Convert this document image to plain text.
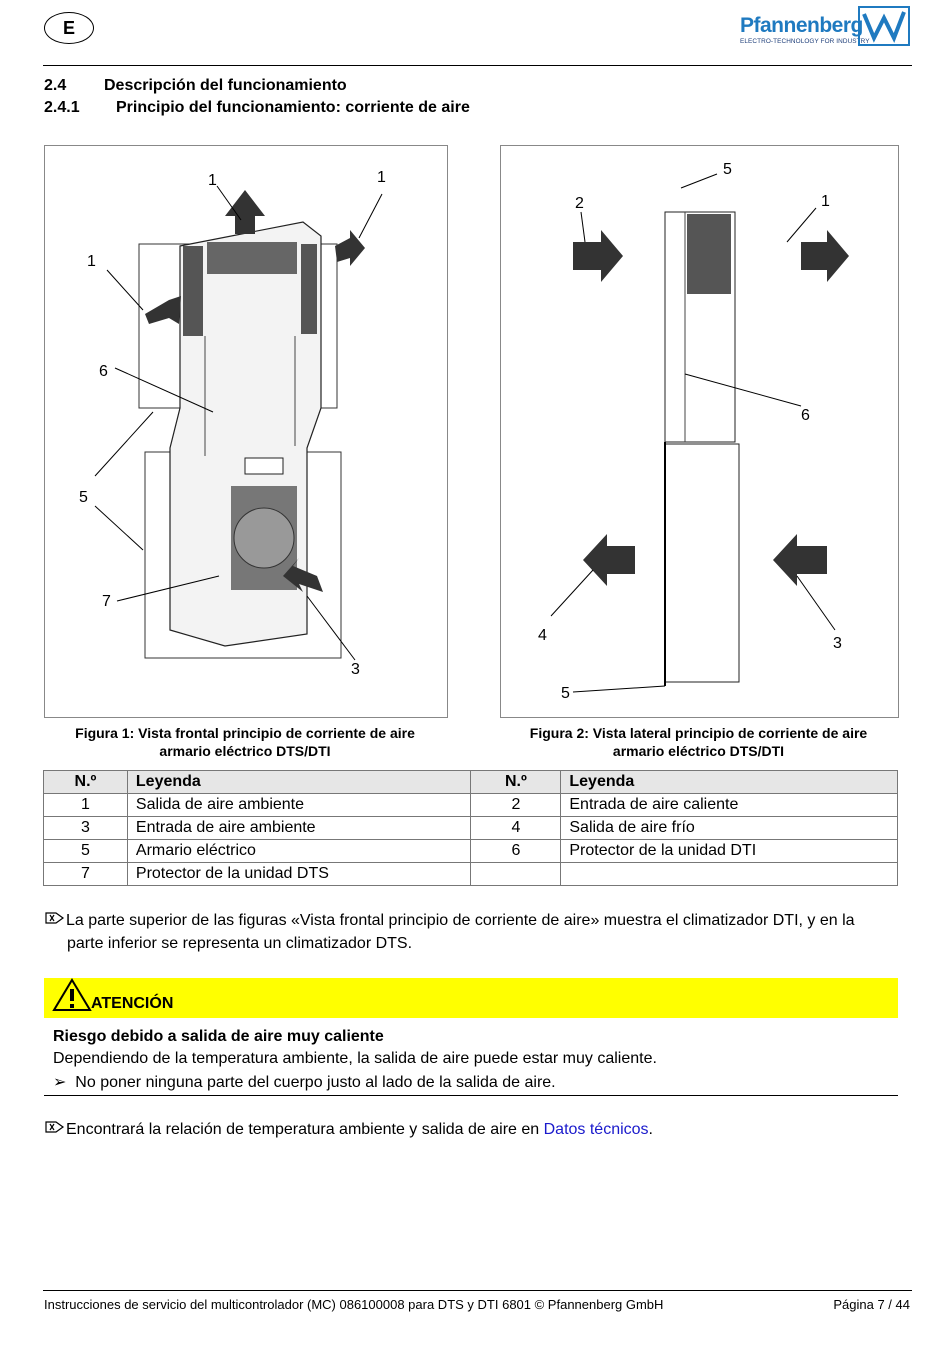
E	Pfannenberg
ELECTRO-TECHNOLOGY FOR INDUSTRY
2.4 Descripción del funcionamiento
2.4.1 Principio del funcionamiento: corriente de aire
1	1
1
6
5
7
3
5
2	1
6
4	3
5
Figura 1: Vista frontal principio de corriente de aire
armario eléctrico DTS/DTI
Figura 2: Vista lateral principio de corriente de aire
armario eléctrico DTS/DTI
N.º	Leyenda	N.º	Leyenda
1	Salida de aire ambiente	2	Entrada de aire caliente
3	Entrada de aire ambiente	4	Salida de aire frío
5	Armario eléctrico	6	Protector de la unidad DTI
7	Protector de la unidad DTS		
La parte superior de las figuras «Vista frontal principio de corriente de aire» muestra el climatizador DTI, y en la
parte inferior se representa un climatizador DTS.
ATENCIÓN
Riesgo debido a salida de aire muy caliente
Dependiendo de la temperatura ambiente, la salida de aire puede estar muy caliente.
➢ No poner ninguna parte del cuerpo justo al lado de la salida de aire.
Encontrará la relación de temperatura ambiente y salida de aire en Datos técnicos.
Instrucciones de servicio del multicontrolador (MC) 086100008 para DTS y DTI 6801 © Pfannenberg GmbH	Página 7 / 44
